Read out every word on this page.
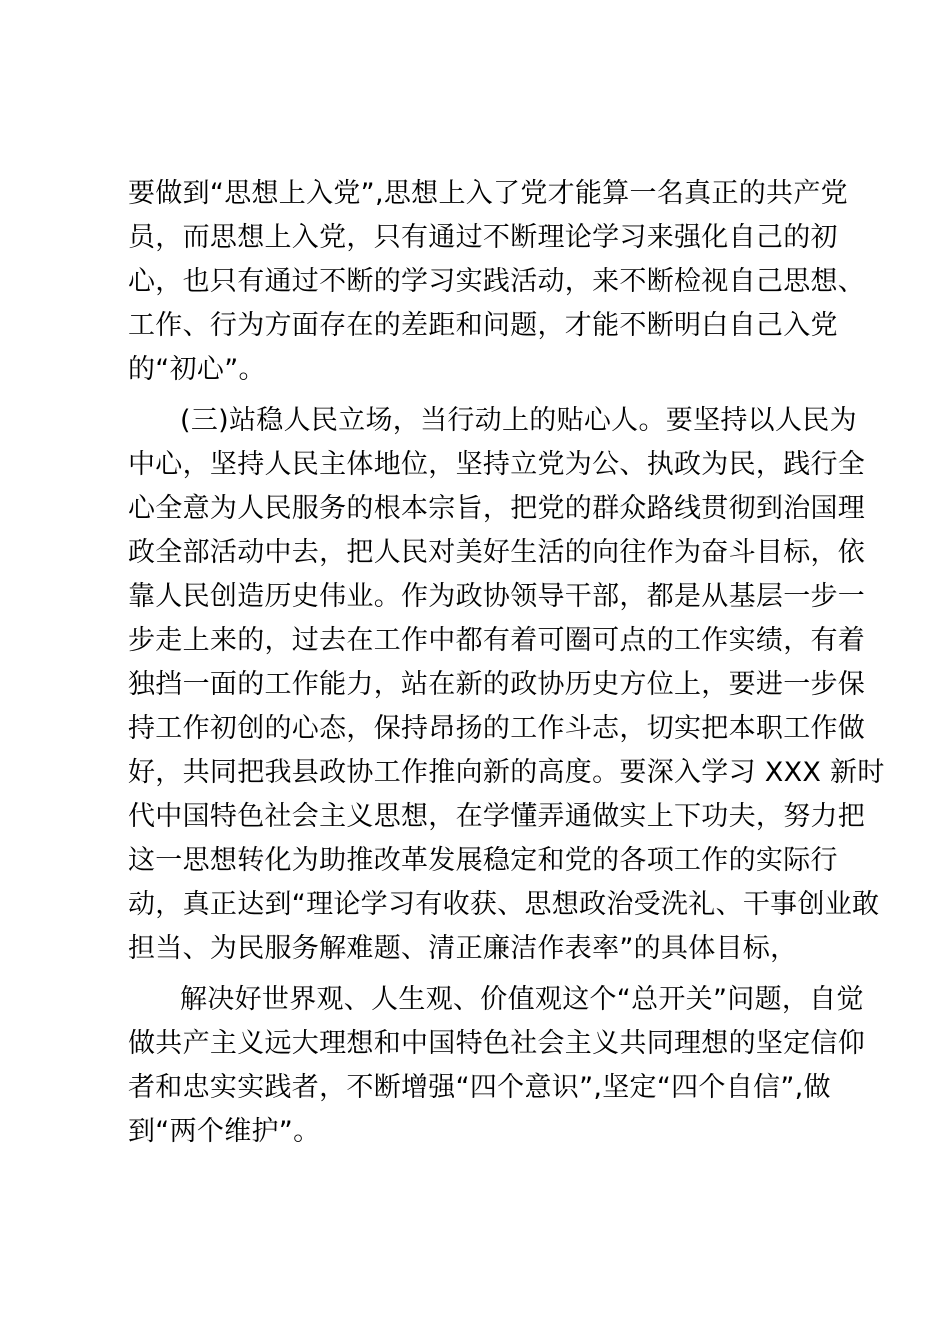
要做到“思想上入党”,思想上入了党才能算一名真正的共产党
员，而思想上入党，只有通过不断理论学习来强化自己的初
心，也只有通过不断的学习实践活动，来不断检视自己思想、
工作、行为方面存在的差距和问题，才能不断明白自己入党
的“初心”。
(三)站稳人民立场，当行动上的贴心人。要坚持以人民为
中心，坚持人民主体地位，坚持立党为公、执政为民，践行全
心全意为人民服务的根本宗旨，把党的群众路线贯彻到治国理
政全部活动中去，把人民对美好生活的向往作为奋斗目标，依
靠人民创造历史伟业。作为政协领导干部，都是从基层一步一
步走上来的，过去在工作中都有着可圈可点的工作实绩，有着
独挡一面的工作能力，站在新的政协历史方位上，要进一步保
持工作初创的心态，保持昂扬的工作斗志，切实把本职工作做
好，共同把我县政协工作推向新的高度。要深入学习 XXX 新时
代中国特色社会主义思想，在学懂弄通做实上下功夫，努力把
这一思想转化为助推改革发展稳定和党的各项工作的实际行
动，真正达到“理论学习有收获、思想政治受洗礼、干事创业敢
担当、为民服务解难题、清正廉洁作表率”的具体目标，
解决好世界观、人生观、价值观这个“总开关”问题，自觉
做共产主义远大理想和中国特色社会主义共同理想的坚定信仰
者和忠实实践者，不断增强“四个意识”,坚定“四个自信”,做
到“两个维护”。
